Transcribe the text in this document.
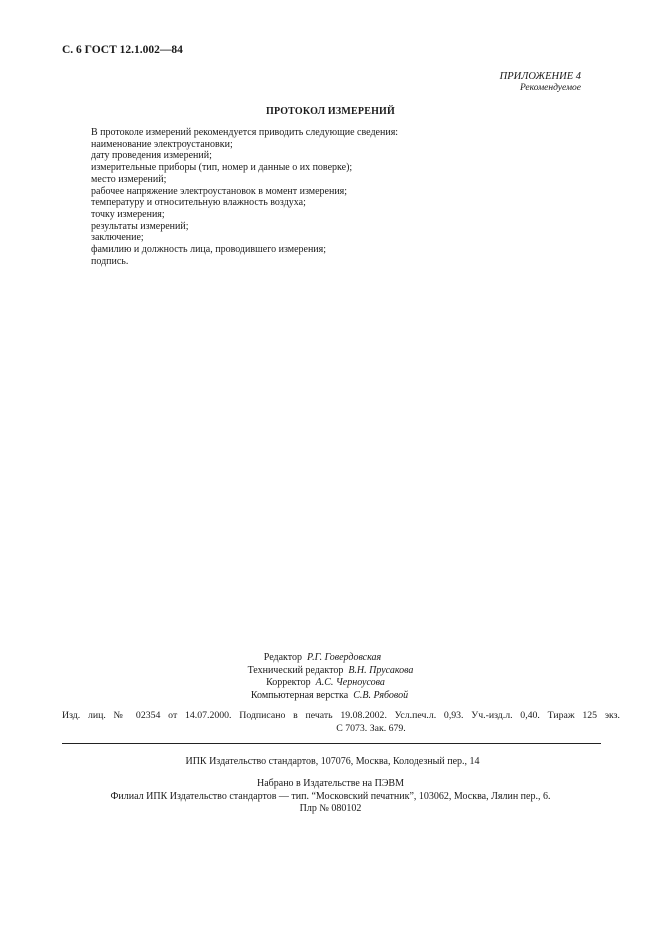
С. 6 ГОСТ 12.1.002—84
ПРИЛОЖЕНИЕ 4
Рекомендуемое
ПРОТОКОЛ ИЗМЕРЕНИЙ
В протоколе измерений рекомендуется приводить следующие сведения:
наименование электроустановки;
дату проведения измерений;
измерительные приборы (тип, номер и данные о их поверке);
место измерений;
рабочее напряжение электроустановок в момент измерения;
температуру и относительную влажность воздуха;
точку измерения;
результаты измерений;
заключение;
фамилию и должность лица, проводившего измерения;
подпись.
Редактор Р.Г. Говердовская
Технический редактор В.Н. Прусакова
Корректор А.С. Черноусова
Компьютерная верстка С.В. Рябовой
Изд. лиц. № 02354 от 14.07.2000. Подписано в печать 19.08.2002. Усл.печ.л. 0,93. Уч.-изд.л. 0,40. Тираж 125 экз.
С 7073. Зак. 679.
ИПК Издательство стандартов, 107076, Москва, Колодезный пер., 14
Набрано в Издательстве на ПЭВМ
Филиал ИПК Издательство стандартов — тип. “Московский печатник”, 103062, Москва, Лялин пер., 6.
Плр № 080102
